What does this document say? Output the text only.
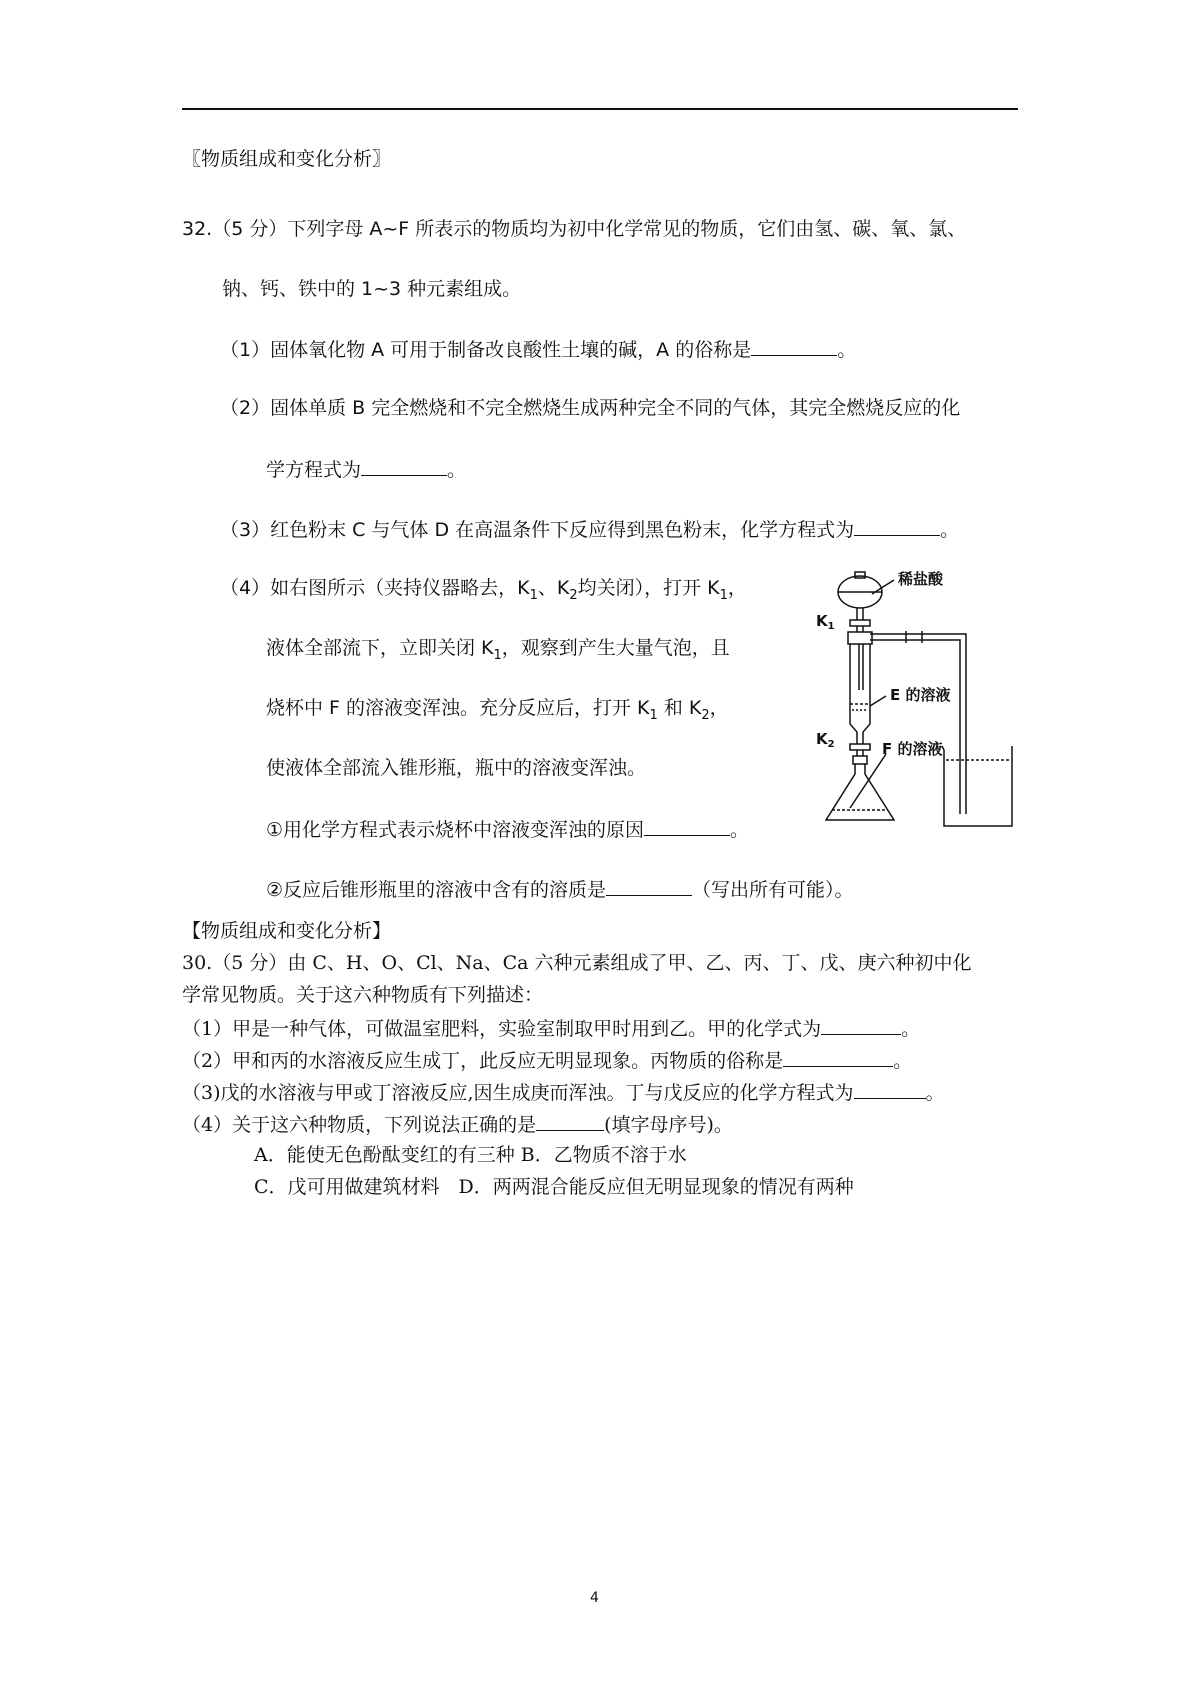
〖物质组成和变化分析〗
32.（5 分）下列字母 A~F 所表示的物质均为初中化学常见的物质，它们由氢、碳、氧、氯、
钠、钙、铁中的 1~3 种元素组成。
（1）固体氧化物 A 可用于制备改良酸性土壤的碱，A 的俗称是	。
（2）固体单质 B 完全燃烧和不完全燃烧生成两种完全不同的气体，其完全燃烧反应的化
学方程式为	。
（3）红色粉末 C 与气体 D 在高温条件下反应得到黑色粉末，化学方程式为	。
（4）如右图所示（夹持仪器略去，$K_1$、$K_2$均关闭），打开 $K_1$，
液体全部流下，立即关闭 $K_1$，观察到产生大量气泡，且
烧杯中 F 的溶液变浑浊。充分反应后，打开 $K_1$ 和 $K_2$，
使液体全部流入锥形瓶，瓶中的溶液变浑浊。
①用化学方程式表示烧杯中溶液变浑浊的原因	。
②反应后锥形瓶里的溶液中含有的溶质是	（写出所有可能）。
稀盐酸
$K_1$
E 的溶液
$K_2$	F 的溶液
【物质组成和变化分析】
30.（5 分）由 C、H、O、Cl、Na、Ca 六种元素组成了甲、乙、丙、丁、戊、庚六种初中化
学常见物质。关于这六种物质有下列描述：
（1）甲是一种气体，可做温室肥料，实验室制取甲时用到乙。甲的化学式为	。
（2）甲和丙的水溶液反应生成丁，此反应无明显现象。丙物质的俗称是	。
（3)戊的水溶液与甲或丁溶液反应,因生成庚而浑浊。丁与戊反应的化学方程式为	。
（4）关于这六种物质，下列说法正确的是	(填字母序号)。
A．能使无色酚酞变红的有三种 B．乙物质不溶于水
C．戊可用做建筑材料　D．两两混合能反应但无明显现象的情况有两种
4
